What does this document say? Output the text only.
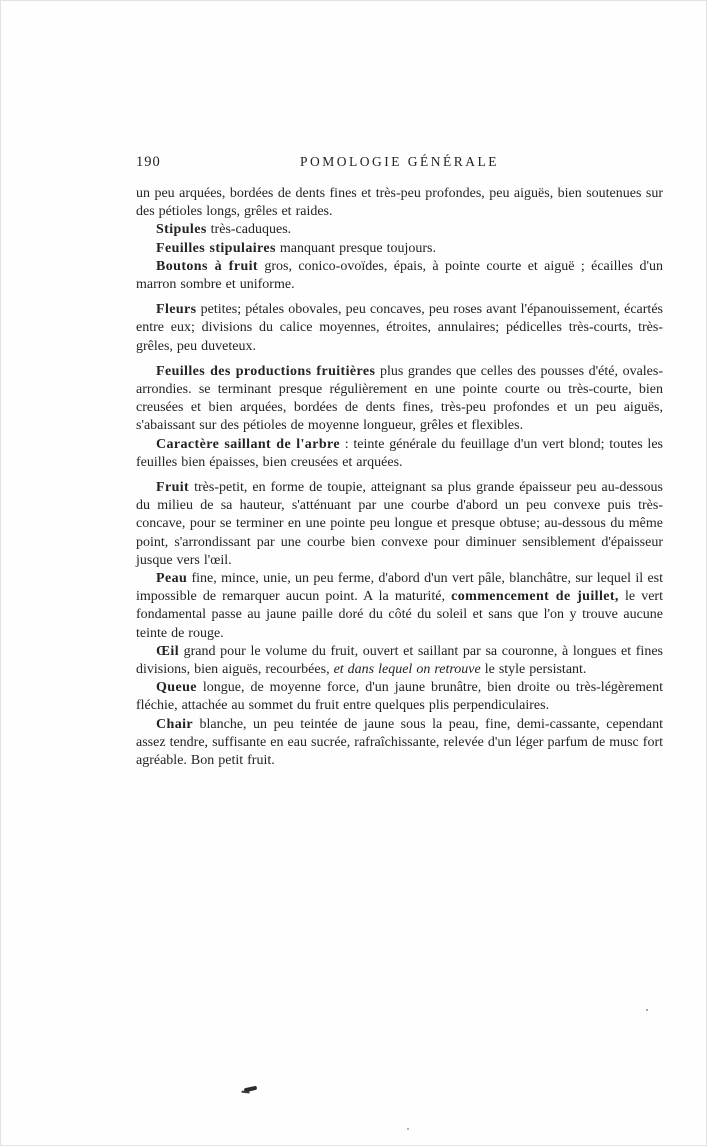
190	POMOLOGIE GÉNÉRALE

un peu arquées, bordées de dents fines et très-peu profondes, peu aiguës, bien soutenues sur des pétioles longs, grêles et raides.

Stipules très-caduques.

Feuilles stipulaires manquant presque toujours.

Boutons à fruit gros, conico-ovoïdes, épais, à pointe courte et aiguë ; écailles d'un marron sombre et uniforme.

Fleurs petites; pétales obovales, peu concaves, peu roses avant l'épanouissement, écartés entre eux; divisions du calice moyennes, étroites, annulaires; pédicelles très-courts, très-grêles, peu duveteux.

Feuilles des productions fruitières plus grandes que celles des pousses d'été, ovales-arrondies. se terminant presque régulièrement en une pointe courte ou très-courte, bien creusées et bien arquées, bordées de dents fines, très-peu profondes et un peu aiguës, s'abaissant sur des pétioles de moyenne longueur, grêles et flexibles.

Caractère saillant de l'arbre : teinte générale du feuillage d'un vert blond; toutes les feuilles bien épaisses, bien creusées et arquées.

Fruit très-petit, en forme de toupie, atteignant sa plus grande épaisseur peu au-dessous du milieu de sa hauteur, s'atténuant par une courbe d'abord un peu convexe puis très-concave, pour se terminer en une pointe peu longue et presque obtuse; au-dessous du même point, s'arrondissant par une courbe bien convexe pour diminuer sensiblement d'épaisseur jusque vers l'œil.

Peau fine, mince, unie, un peu ferme, d'abord d'un vert pâle, blanchâtre, sur lequel il est impossible de remarquer aucun point. A la maturité, commencement de juillet, le vert fondamental passe au jaune paille doré du côté du soleil et sans que l'on y trouve aucune teinte de rouge.

Œil grand pour le volume du fruit, ouvert et saillant par sa couronne, à longues et fines divisions, bien aiguës, recourbées, et dans lequel on retrouve le style persistant.

Queue longue, de moyenne force, d'un jaune brunâtre, bien droite ou très-légèrement fléchie, attachée au sommet du fruit entre quelques plis perpendiculaires.

Chair blanche, un peu teintée de jaune sous la peau, fine, demi-cassante, cependant assez tendre, suffisante en eau sucrée, rafraîchissante, relevée d'un léger parfum de musc fort agréable. Bon petit fruit.
